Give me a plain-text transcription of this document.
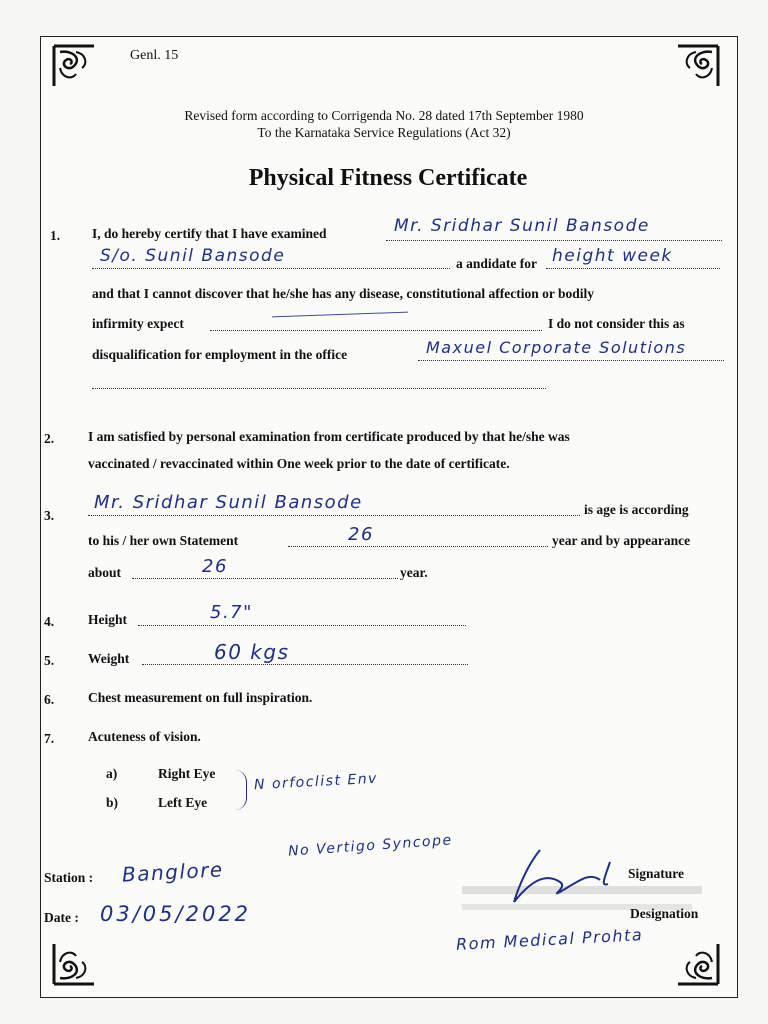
Genl. 15
Revised form according to Corrigenda No. 28 dated 17th September 1980
To the Karnataka Service Regulations (Act 32)
Physical Fitness Certificate
1. I, do hereby certify that I have examined	Mr. Sridhar Sunil Bansode
S/o. Sunil Bansode	a andidate for height week
and that I cannot discover that he/she has any disease, constitutional affection or bodily
infirmity expect	I do not consider this as
disqualification for employment in the office	Maxuel Corporate Solutions
2.	I am satisfied by personal examination from certificate produced by that he/she was
vaccinated / revaccinated within One week prior to the date of certificate.
3.
Mr. Sridhar Sunil Bansode	is age is according
to his / her own Statement	26	year and by appearance
about	26	year.
4.	Height	5.7"
5.	Weight	60 kgs
6.	Chest measurement on full inspiration.
7.	Acuteness of vision.
a)	Right Eye
b)	Left Eye
N orfoclist Env
No Vertigo Syncope
Station : Banglore
Date : 03/05/2022
Signature
Designation
Rom Medical Prohta
